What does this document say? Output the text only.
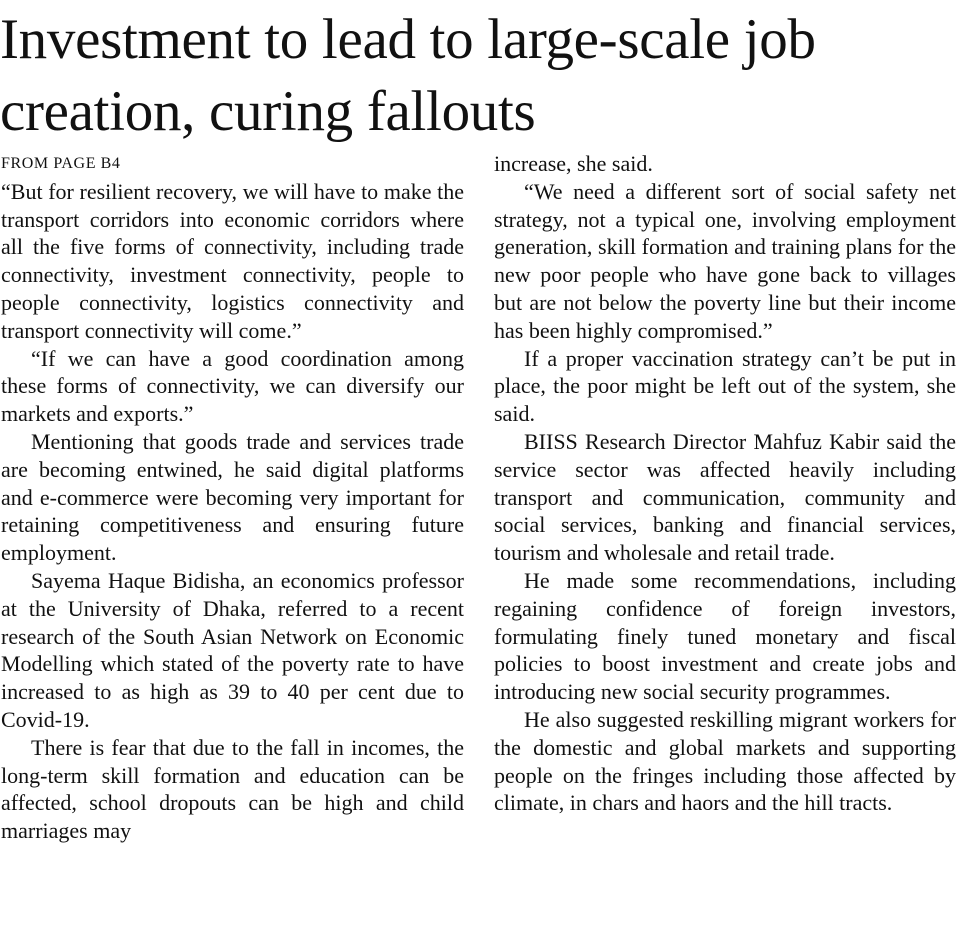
Investment to lead to large-scale job creation, curing fallouts
FROM PAGE B4

“But for resilient recovery, we will have to make the transport corridors into economic corridors where all the five forms of connectivity, including trade connectivity, investment connectivity, people to people connectivity, logistics connectivity and transport connectivity will come.”

“If we can have a good coordination among these forms of connectivity, we can diversify our markets and exports.”

Mentioning that goods trade and services trade are becoming entwined, he said digital platforms and e-commerce were becoming very important for retaining competitiveness and ensuring future employment.

Sayema Haque Bidisha, an economics professor at the University of Dhaka, referred to a recent research of the South Asian Network on Economic Modelling which stated of the poverty rate to have increased to as high as 39 to 40 per cent due to Covid-19.

There is fear that due to the fall in incomes, the long-term skill formation and education can be affected, school dropouts can be high and child marriages may

increase, she said.

“We need a different sort of social safety net strategy, not a typical one, involving employment generation, skill formation and training plans for the new poor people who have gone back to villages but are not below the poverty line but their income has been highly compromised.”

If a proper vaccination strategy can’t be put in place, the poor might be left out of the system, she said.

BIISS Research Director Mahfuz Kabir said the service sector was affected heavily including transport and communication, community and social services, banking and financial services, tourism and wholesale and retail trade.

He made some recommendations, including regaining confidence of foreign investors, formulating finely tuned monetary and fiscal policies to boost investment and create jobs and introducing new social security programmes.

He also suggested reskilling migrant workers for the domestic and global markets and supporting people on the fringes including those affected by climate, in chars and haors and the hill tracts.
